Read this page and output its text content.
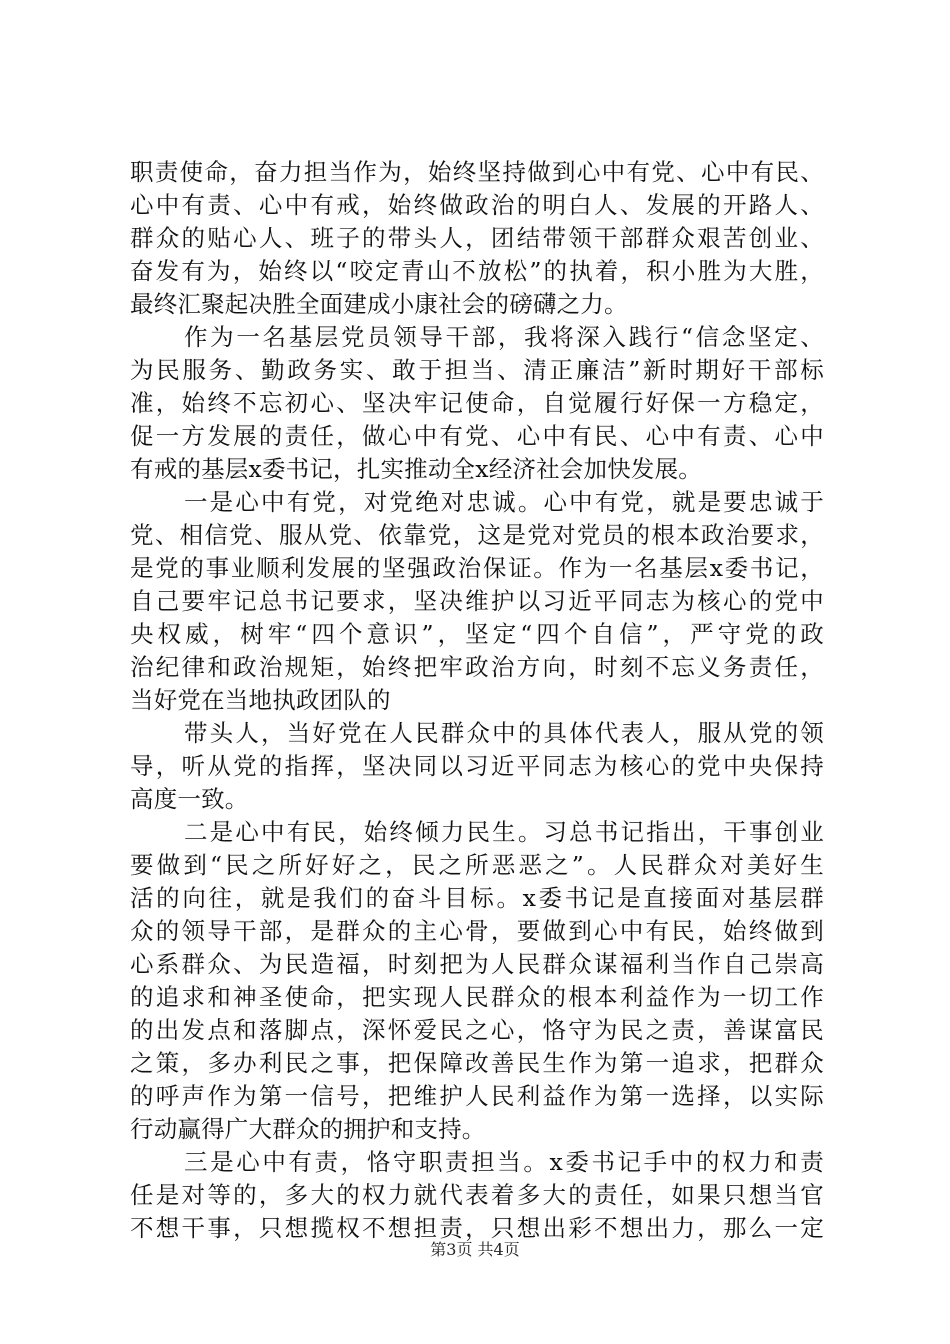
职责使命，奋力担当作为，始终坚持做到心中有党、心中有民、
心中有责、心中有戒，始终做政治的明白人、发展的开路人、
群众的贴心人、班子的带头人，团结带领干部群众艰苦创业、
奋发有为，始终以“咬定青山不放松”的执着，积小胜为大胜，
最终汇聚起决胜全面建成小康社会的磅礴之力。
作为一名基层党员领导干部，我将深入践行“信念坚定、
为民服务、勤政务实、敢于担当、清正廉洁”新时期好干部标
准，始终不忘初心、坚决牢记使命，自觉履行好保一方稳定，
促一方发展的责任，做心中有党、心中有民、心中有责、心中
有戒的基层x委书记，扎实推动全x经济社会加快发展。
一是心中有党，对党绝对忠诚。心中有党，就是要忠诚于
党、相信党、服从党、依靠党，这是党对党员的根本政治要求，
是党的事业顺利发展的坚强政治保证。作为一名基层x委书记，
自己要牢记总书记要求，坚决维护以习近平同志为核心的党中
央权威，树牢“四个意识”，坚定“四个自信”，严守党的政
治纪律和政治规矩，始终把牢政治方向，时刻不忘义务责任，
当好党在当地执政团队的
带头人，当好党在人民群众中的具体代表人，服从党的领
导，听从党的指挥，坚决同以习近平同志为核心的党中央保持
高度一致。
二是心中有民，始终倾力民生。习总书记指出，干事创业
要做到“民之所好好之，民之所恶恶之”。人民群众对美好生
活的向往，就是我们的奋斗目标。x委书记是直接面对基层群
众的领导干部，是群众的主心骨，要做到心中有民，始终做到
心系群众、为民造福，时刻把为人民群众谋福利当作自己崇高
的追求和神圣使命，把实现人民群众的根本利益作为一切工作
的出发点和落脚点，深怀爱民之心，恪守为民之责，善谋富民
之策，多办利民之事，把保障改善民生作为第一追求，把群众
的呼声作为第一信号，把维护人民利益作为第一选择，以实际
行动赢得广大群众的拥护和支持。
三是心中有责，恪守职责担当。x委书记手中的权力和责
任是对等的，多大的权力就代表着多大的责任，如果只想当官
不想干事，只想揽权不想担责，只想出彩不想出力，那么一定
第3页 共4页
